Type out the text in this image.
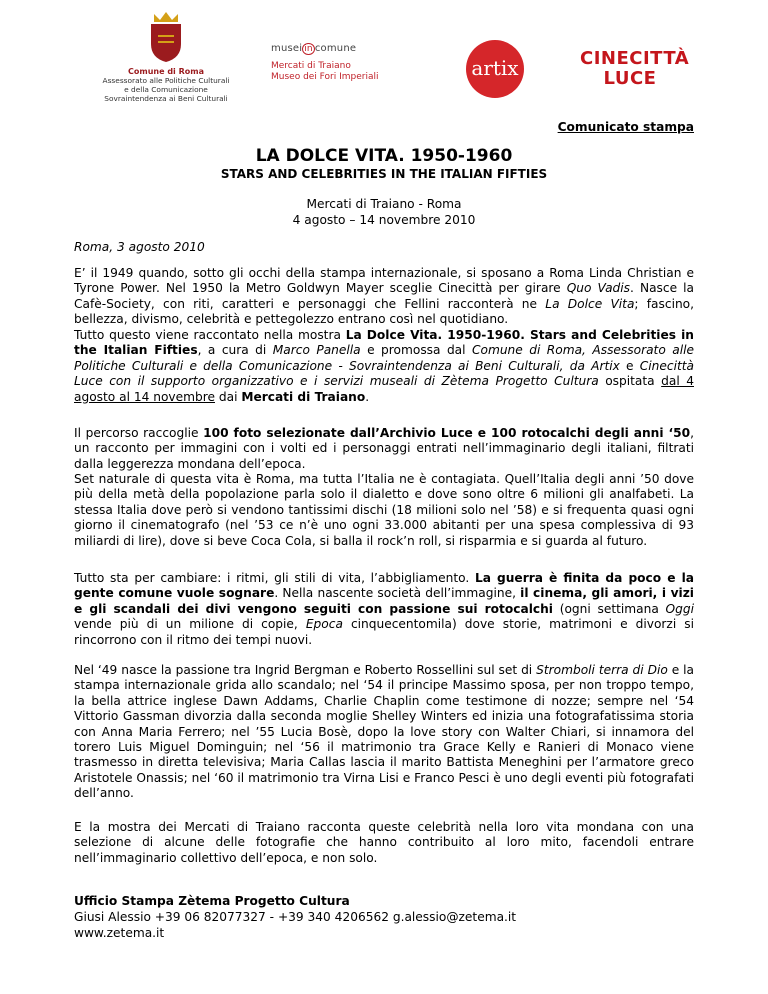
Comune di Roma
Assessorato alle Politiche Culturali
e della Comunicazione
Sovraintendenza ai Beni Culturali
musei in comune
Mercati di Traiano
Museo dei Fori Imperiali	artix	CINECITTÀ
LUCE
Comunicato stampa
LA DOLCE VITA. 1950-1960
STARS AND CELEBRITIES IN THE ITALIAN FIFTIES
Mercati di Traiano - Roma
4 agosto – 14 novembre 2010
Roma, 3 agosto 2010
E’ il 1949 quando, sotto gli occhi della stampa internazionale, si sposano a Roma Linda Christian e Tyrone Power. Nel 1950 la Metro Goldwyn Mayer sceglie Cinecittà per girare Quo Vadis. Nasce la Cafè-Society, con riti, caratteri e personaggi che Fellini racconterà ne La Dolce Vita; fascino, bellezza, divismo, celebrità e pettegolezzo entrano così nel quotidiano.
Tutto questo viene raccontato nella mostra La Dolce Vita. 1950-1960. Stars and Celebrities in the Italian Fifties, a cura di Marco Panella e promossa dal Comune di Roma, Assessorato alle Politiche Culturali e della Comunicazione - Sovraintendenza ai Beni Culturali, da Artix e Cinecittà Luce con il supporto organizzativo e i servizi museali di Zètema Progetto Cultura ospitata dal 4 agosto al 14 novembre dai Mercati di Traiano.
Il percorso raccoglie 100 foto selezionate dall’Archivio Luce e 100 rotocalchi degli anni ‘50, un racconto per immagini con i volti ed i personaggi entrati nell’immaginario degli italiani, filtrati dalla leggerezza mondana dell’epoca.
Set naturale di questa vita è Roma, ma tutta l’Italia ne è contagiata. Quell’Italia degli anni ’50 dove più della metà della popolazione parla solo il dialetto e dove sono oltre 6 milioni gli analfabeti. La stessa Italia dove però si vendono tantissimi dischi (18 milioni solo nel ’58) e si frequenta quasi ogni giorno il cinematografo (nel ’53 ce n’è uno ogni 33.000 abitanti per una spesa complessiva di 93 miliardi di lire), dove si beve Coca Cola, si balla il rock’n roll, si risparmia e si guarda al futuro.
Tutto sta per cambiare: i ritmi, gli stili di vita, l’abbigliamento. La guerra è finita da poco e la gente comune vuole sognare. Nella nascente società dell’immagine, il cinema, gli amori, i vizi e gli scandali dei divi vengono seguiti con passione sui rotocalchi (ogni settimana Oggi vende più di un milione di copie, Epoca cinquecentomila) dove storie, matrimoni e divorzi si rincorrono con il ritmo dei tempi nuovi.
Nel ‘49 nasce la passione tra Ingrid Bergman e Roberto Rossellini sul set di Stromboli terra di Dio e la stampa internazionale grida allo scandalo; nel ‘54 il principe Massimo sposa, per non troppo tempo, la bella attrice inglese Dawn Addams, Charlie Chaplin come testimone di nozze; sempre nel ‘54 Vittorio Gassman divorzia dalla seconda moglie Shelley Winters ed inizia una fotografatissima storia con Anna Maria Ferrero; nel ’55 Lucia Bosè, dopo la love story con Walter Chiari, si innamora del torero Luis Miguel Dominguin; nel ‘56 il matrimonio tra Grace Kelly e Ranieri di Monaco viene trasmesso in diretta televisiva; Maria Callas lascia il marito Battista Meneghini per l’armatore greco Aristotele Onassis; nel ‘60 il matrimonio tra Virna Lisi e Franco Pesci è uno degli eventi più fotografati dell’anno.
E la mostra dei Mercati di Traiano racconta queste celebrità nella loro vita mondana con una selezione di alcune delle fotografie che hanno contribuito al loro mito, facendoli entrare nell’immaginario collettivo dell’epoca, e non solo.
Ufficio Stampa Zètema Progetto Cultura
Giusi Alessio +39 06 82077327 - +39 340 4206562 g.alessio@zetema.it
www.zetema.it
